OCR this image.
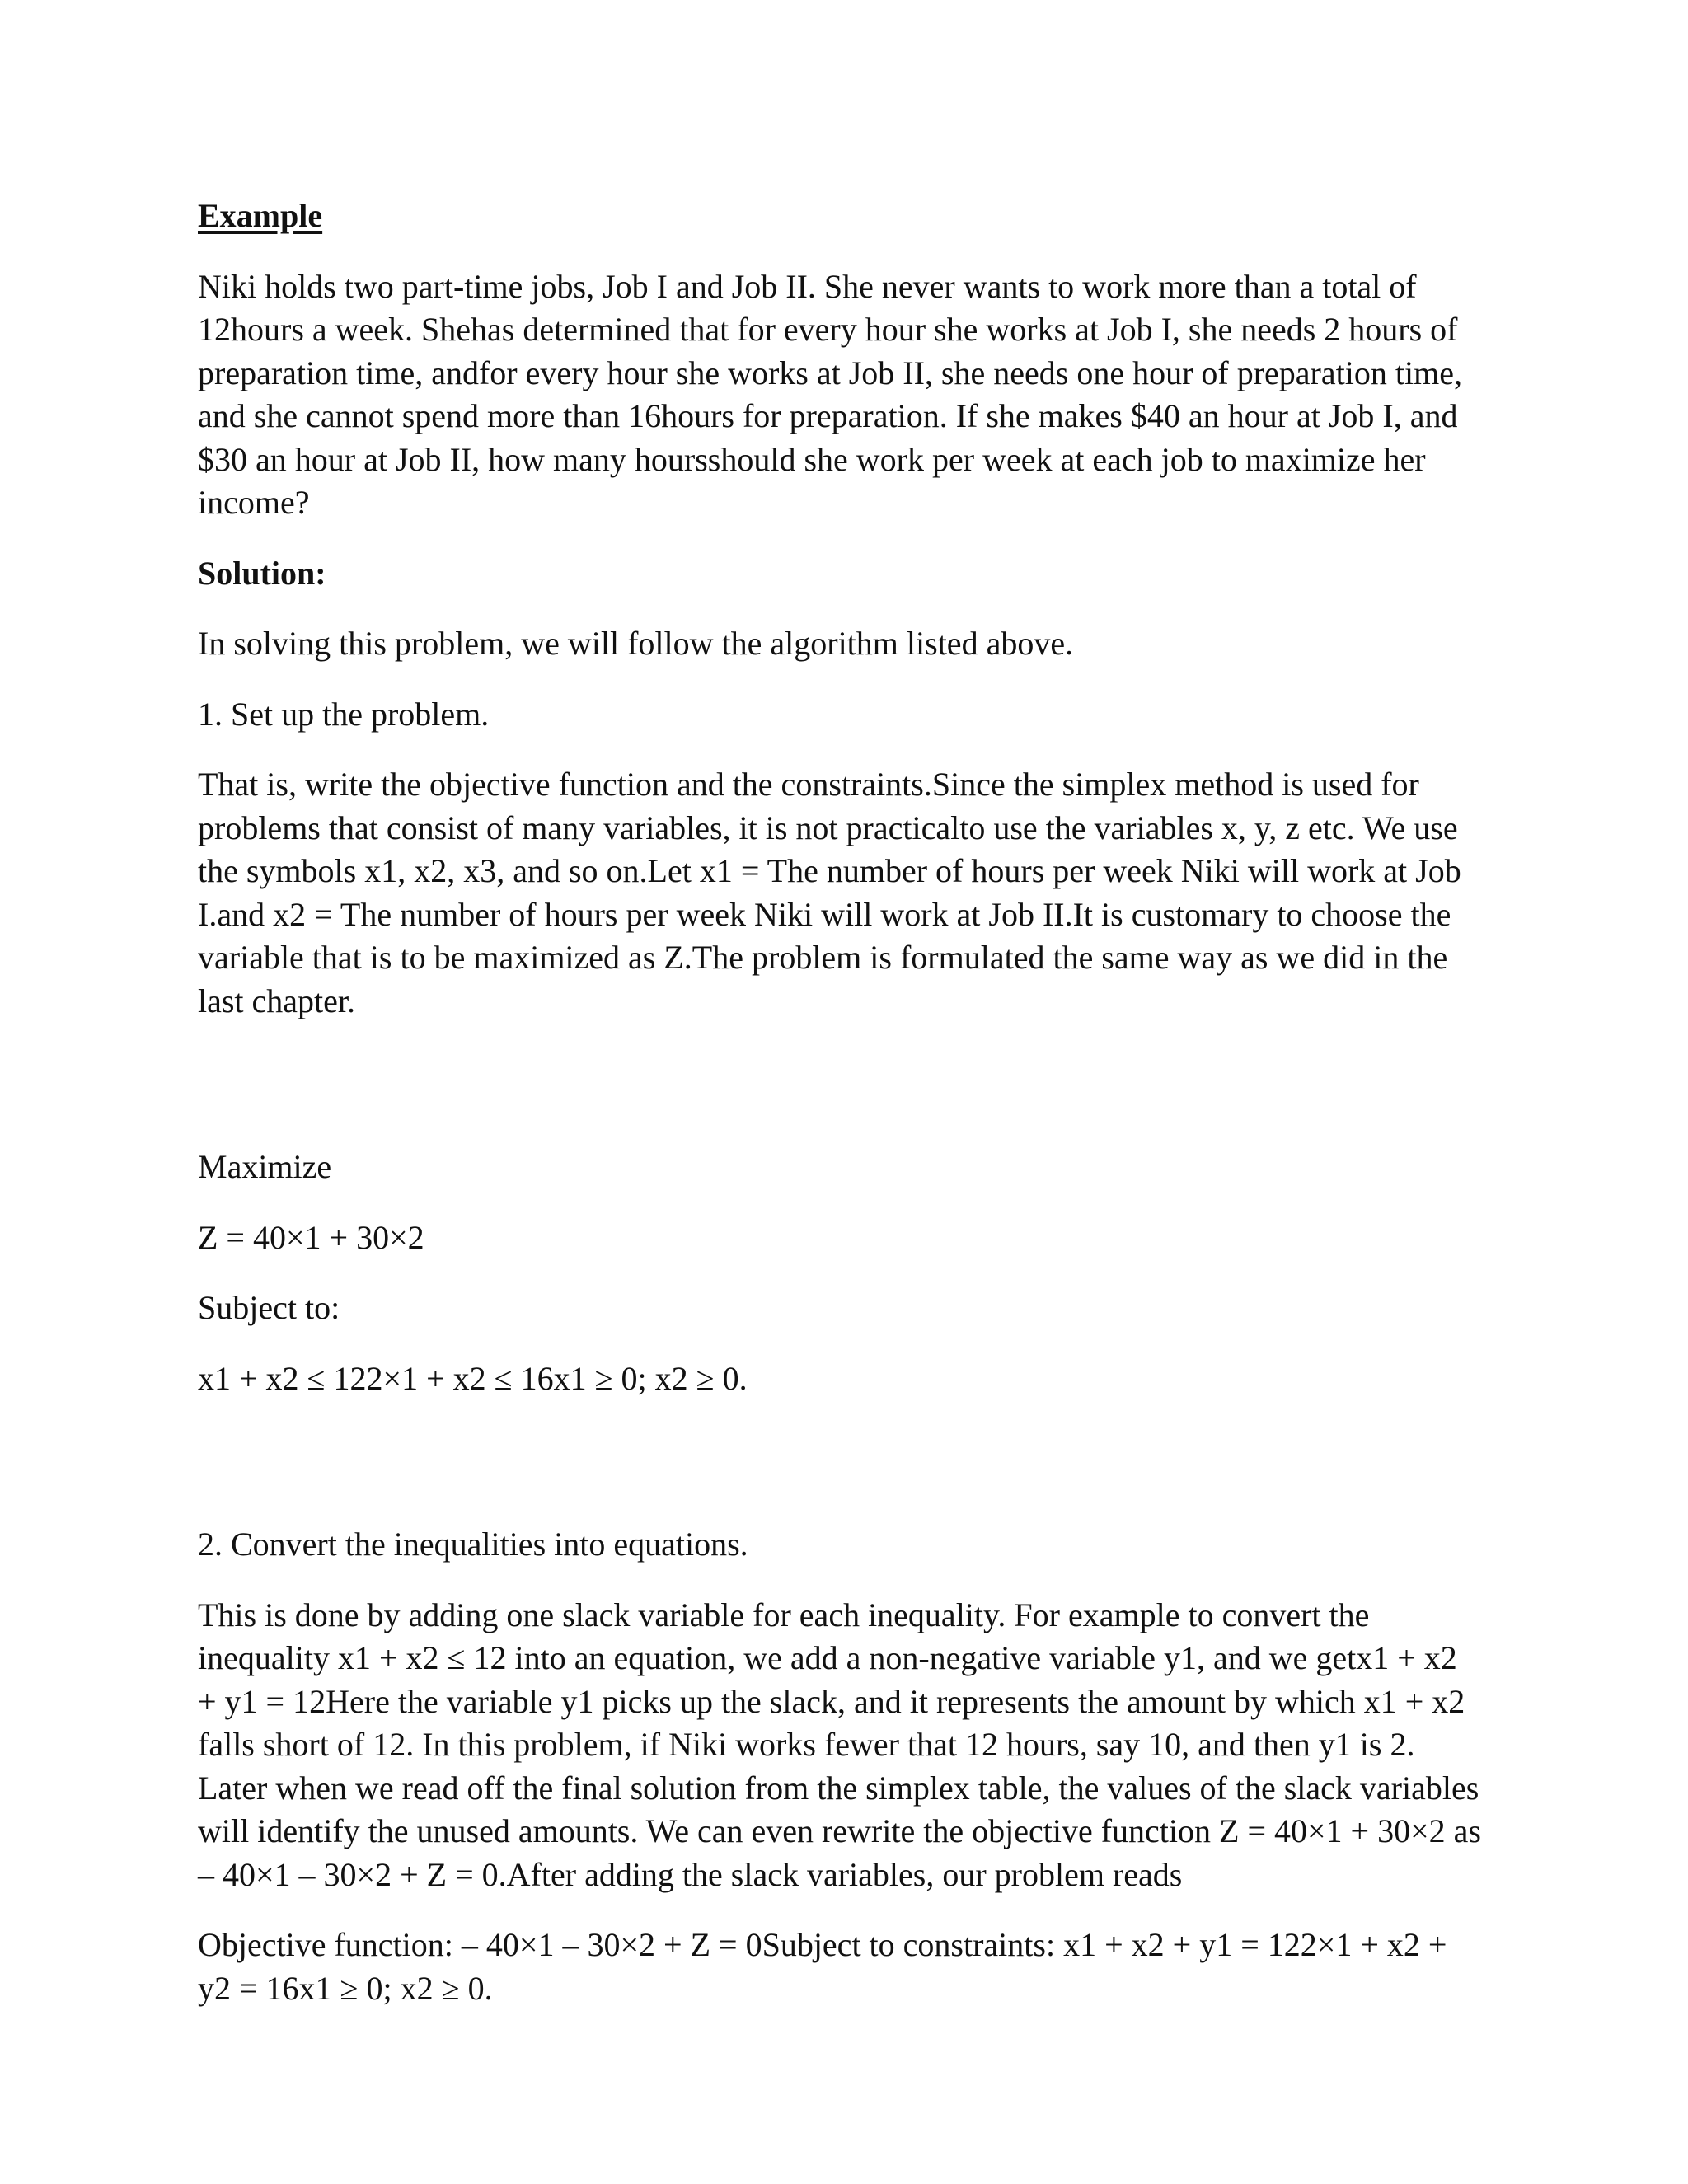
Example

Niki holds two part-time jobs, Job I and Job II. She never wants to work more than a total of 12hours a week. Shehas determined that for every hour she works at Job I, she needs 2 hours of preparation time, andfor every hour she works at Job II, she needs one hour of preparation time, and she cannot spend more than 16hours for preparation. If she makes $40 an hour at Job I, and $30 an hour at Job II, how many hoursshould she work per week at each job to maximize her income?

Solution:

In solving this problem, we will follow the algorithm listed above.

1. Set up the problem.

That is, write the objective function and the constraints.Since the simplex method is used for problems that consist of many variables, it is not practicalto use the variables x, y, z etc. We use the symbols x1, x2, x3, and so on.Let x1 = The number of hours per week Niki will work at Job I.and x2 = The number of hours per week Niki will work at Job II.It is customary to choose the variable that is to be maximized as Z.The problem is formulated the same way as we did in the last chapter.

Maximize

Z = 40×1 + 30×2

Subject to:

x1 + x2 ≤ 122×1 + x2 ≤ 16x1 ≥ 0; x2 ≥ 0.

2. Convert the inequalities into equations.

This is done by adding one slack variable for each inequality. For example to convert the inequality x1 + x2 ≤ 12 into an equation, we add a non-negative variable y1, and we getx1 + x2 + y1 = 12Here the variable y1 picks up the slack, and it represents the amount by which x1 + x2 falls short of 12. In this problem, if Niki works fewer that 12 hours, say 10, and then y1 is 2. Later when we read off the final solution from the simplex table, the values of the slack variables will identify the unused amounts. We can even rewrite the objective function Z = 40×1 + 30×2 as – 40×1 – 30×2 + Z = 0.After adding the slack variables, our problem reads

Objective function: – 40×1 – 30×2 + Z = 0Subject to constraints: x1 + x2 + y1 = 122×1 + x2 + y2 = 16x1 ≥ 0; x2 ≥ 0.
